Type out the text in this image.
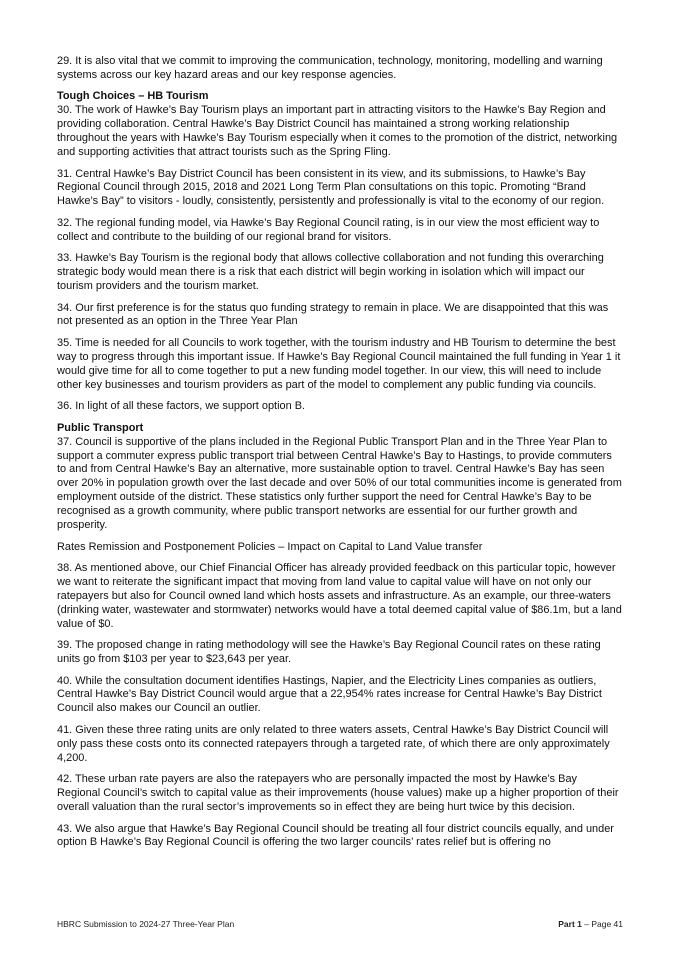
29. It is also vital that we commit to improving the communication, technology, monitoring, modelling and warning systems across our key hazard areas and our key response agencies.

Tough Choices – HB Tourism

30. The work of Hawke’s Bay Tourism plays an important part in attracting visitors to the Hawke’s Bay Region and providing collaboration. Central Hawke’s Bay District Council has maintained a strong working relationship throughout the years with Hawke’s Bay Tourism especially when it comes to the promotion of the district, networking and supporting activities that attract tourists such as the Spring Fling.

31. Central Hawke’s Bay District Council has been consistent in its view, and its submissions, to Hawke’s Bay Regional Council through 2015, 2018 and 2021 Long Term Plan consultations on this topic. Promoting “Brand Hawke’s Bay” to visitors - loudly, consistently, persistently and professionally is vital to the economy of our region.

32. The regional funding model, via Hawke’s Bay Regional Council rating, is in our view the most efficient way to collect and contribute to the building of our regional brand for visitors.

33. Hawke’s Bay Tourism is the regional body that allows collective collaboration and not funding this overarching strategic body would mean there is a risk that each district will begin working in isolation which will impact our tourism providers and the tourism market.

34. Our first preference is for the status quo funding strategy to remain in place. We are disappointed that this was not presented as an option in the Three Year Plan

35. Time is needed for all Councils to work together, with the tourism industry and HB Tourism to determine the best way to progress through this important issue. If Hawke’s Bay Regional Council maintained the full funding in Year 1 it would give time for all to come together to put a new funding model together. In our view, this will need to include other key businesses and tourism providers as part of the model to complement any public funding via councils.

36. In light of all these factors, we support option B.

Public Transport

37. Council is supportive of the plans included in the Regional Public Transport Plan and in the Three Year Plan to support a commuter express public transport trial between Central Hawke’s Bay to Hastings, to provide commuters to and from Central Hawke’s Bay an alternative, more sustainable option to travel. Central Hawke’s Bay has seen over 20% in population growth over the last decade and over 50% of our total communities income is generated from employment outside of the district. These statistics only further support the need for Central Hawke’s Bay to be recognised as a growth community, where public transport networks are essential for our further growth and prosperity.

Rates Remission and Postponement Policies – Impact on Capital to Land Value transfer

38. As mentioned above, our Chief Financial Officer has already provided feedback on this particular topic, however we want to reiterate the significant impact that moving from land value to capital value will have on not only our ratepayers but also for Council owned land which hosts assets and infrastructure. As an example, our three-waters (drinking water, wastewater and stormwater) networks would have a total deemed capital value of $86.1m, but a land value of $0.

39. The proposed change in rating methodology will see the Hawke’s Bay Regional Council rates on these rating units go from $103 per year to $23,643 per year.

40. While the consultation document identifies Hastings, Napier, and the Electricity Lines companies as outliers, Central Hawke’s Bay District Council would argue that a 22,954% rates increase for Central Hawke’s Bay District Council also makes our Council an outlier.

41. Given these three rating units are only related to three waters assets, Central Hawke’s Bay District Council will only pass these costs onto its connected ratepayers through a targeted rate, of which there are only approximately 4,200.

42. These urban rate payers are also the ratepayers who are personally impacted the most by Hawke’s Bay Regional Council’s switch to capital value as their improvements (house values) make up a higher proportion of their overall valuation than the rural sector’s improvements so in effect they are being hurt twice by this decision.

43. We also argue that Hawke’s Bay Regional Council should be treating all four district councils equally, and under option B Hawke’s Bay Regional Council is offering the two larger councils’ rates relief but is offering no

HBRC Submission to 2024-27 Three-Year Plan	Part 1 – Page 41
